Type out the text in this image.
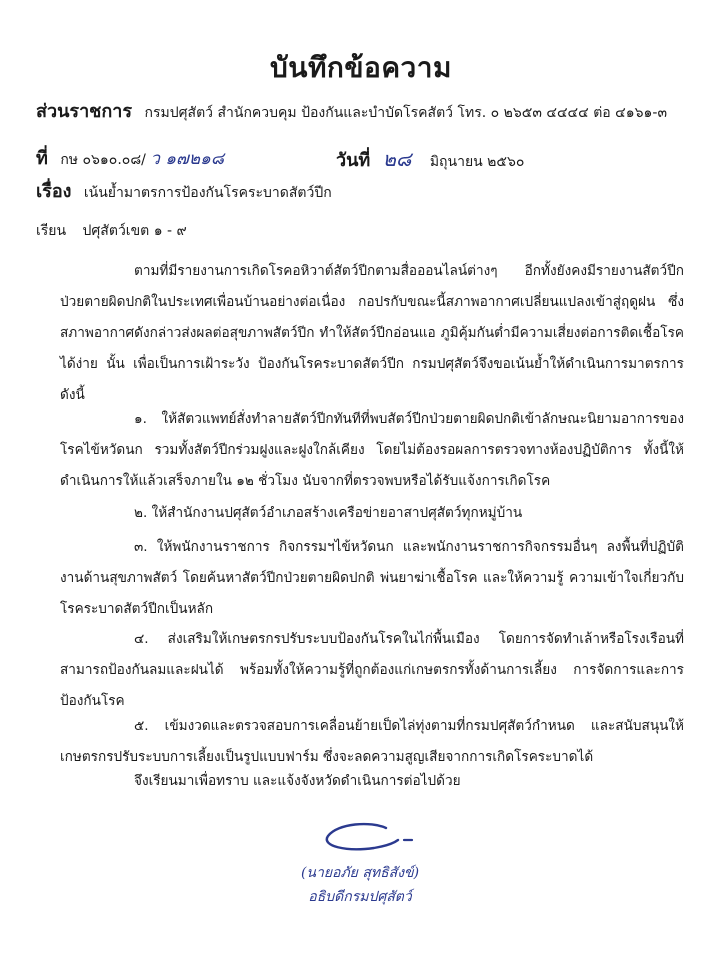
บันทึกข้อความ
ส่วนราชการ กรมปศุสัตว์ สำนักควบคุม ป้องกันและบำบัดโรคสัตว์ โทร. ๐ ๒๖๕๓ ๔๔๔๔ ต่อ ๔๑๖๑-๓
ที่ กษ ๐๖๑๐.๐๘/ ว ๑๗๒๑๘	วันที่ ๒๘ มิถุนายน ๒๕๖๐
เรื่อง เน้นย้ำมาตรการป้องกันโรคระบาดสัตว์ปีก
เรียน ปศุสัตว์เขต ๑ - ๙
ตามที่มีรายงานการเกิดโรคอหิวาต์สัตว์ปีกตามสื่อออนไลน์ต่างๆ อีกทั้งยังคงมีรายงานสัตว์ปีกป่วยตายผิดปกติในประเทศเพื่อนบ้านอย่างต่อเนื่อง กอปรกับขณะนี้สภาพอากาศเปลี่ยนแปลงเข้าสู่ฤดูฝน ซึ่งสภาพอากาศดังกล่าวส่งผลต่อสุขภาพสัตว์ปีก ทำให้สัตว์ปีกอ่อนแอ ภูมิคุ้มกันต่ำมีความเสี่ยงต่อการติดเชื้อโรคได้ง่าย นั้น เพื่อเป็นการเฝ้าระวัง ป้องกันโรคระบาดสัตว์ปีก กรมปศุสัตว์จึงขอเน้นย้ำให้ดำเนินการมาตรการ ดังนี้
๑. ให้สัตวแพทย์สั่งทำลายสัตว์ปีกทันทีที่พบสัตว์ปีกป่วยตายผิดปกติเข้าลักษณะนิยามอาการของโรคไข้หวัดนก รวมทั้งสัตว์ปีกร่วมฝูงและฝูงใกล้เคียง โดยไม่ต้องรอผลการตรวจทางห้องปฏิบัติการ ทั้งนี้ให้ดำเนินการให้แล้วเสร็จภายใน ๑๒ ชั่วโมง นับจากที่ตรวจพบหรือได้รับแจ้งการเกิดโรค
๒. ให้สำนักงานปศุสัตว์อำเภอสร้างเครือข่ายอาสาปศุสัตว์ทุกหมู่บ้าน
๓. ให้พนักงานราชการ กิจกรรมฯไข้หวัดนก และพนักงานราชการกิจกรรมอื่นๆ ลงพื้นที่ปฏิบัติงานด้านสุขภาพสัตว์ โดยค้นหาสัตว์ปีกป่วยตายผิดปกติ พ่นยาฆ่าเชื้อโรค และให้ความรู้ ความเข้าใจเกี่ยวกับโรคระบาดสัตว์ปีกเป็นหลัก
๔. ส่งเสริมให้เกษตรกรปรับระบบป้องกันโรคในไก่พื้นเมือง โดยการจัดทำเล้าหรือโรงเรือนที่สามารถป้องกันลมและฝนได้ พร้อมทั้งให้ความรู้ที่ถูกต้องแก่เกษตรกรทั้งด้านการเลี้ยง การจัดการและการป้องกันโรค
๕. เข้มงวดและตรวจสอบการเคลื่อนย้ายเป็ดไล่ทุ่งตามที่กรมปศุสัตว์กำหนด และสนับสนุนให้เกษตรกรปรับระบบการเลี้ยงเป็นรูปแบบฟาร์ม ซึ่งจะลดความสูญเสียจากการเกิดโรคระบาดได้
จึงเรียนมาเพื่อทราบ และแจ้งจังหวัดดำเนินการต่อไปด้วย
(นายอภัย สุทธิสังข์)
อธิบดีกรมปศุสัตว์
